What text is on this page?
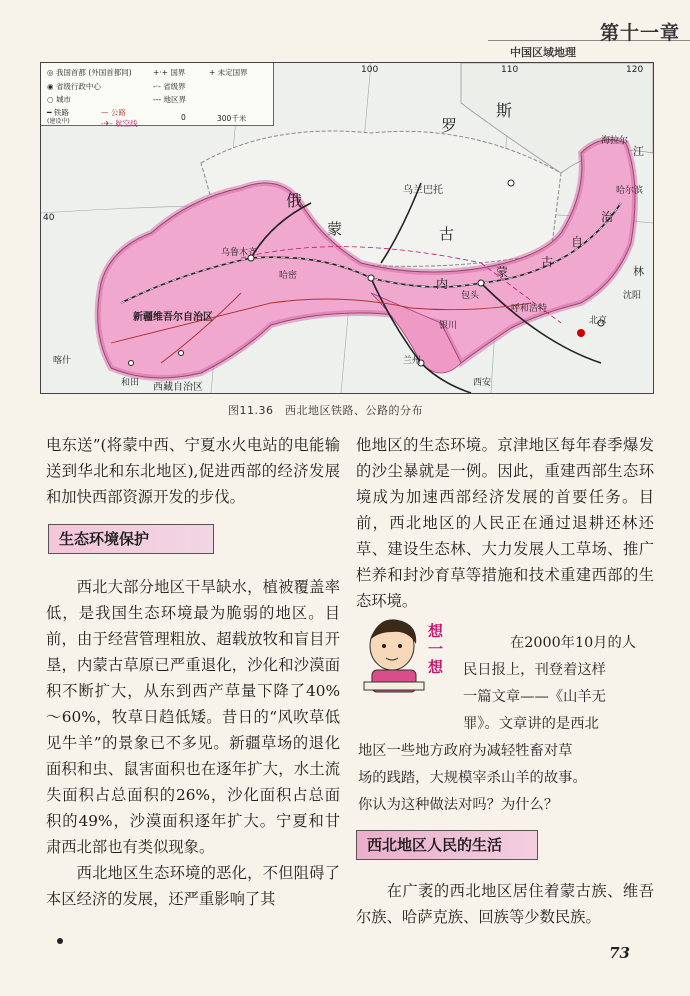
第十一章
中国区域地理
◎ 我国首都 (外国首都同)
◉ 省级行政中心
○ 城市
━ 铁路
(建设中)
+·+ 国界	+ 未定国界
-·- 省级界
--- 地区界
— 公路
-✈- 航空线
0	300千米
俄
罗
斯
蒙	古
乌兰巴托
新疆维吾尔自治区
乌鲁木齐
内
蒙
古
自
治
西藏自治区
银川
西安
兰州
呼和浩特
北京
哈尔滨
海拉尔
包头
哈密
喀什
和田
江
林
沈阳
100	110	120
40
图11.36　西北地区铁路、公路的分布

电东送”(将蒙中西、宁夏水火电站的电能输送到华北和东北地区),促进西部的经济发展和加快西部资源开发的步伐。

生态环境保护

西北大部分地区干旱缺水，植被覆盖率低，是我国生态环境最为脆弱的地区。目前，由于经营管理粗放、超载放牧和盲目开垦，内蒙古草原已严重退化，沙化和沙漠面积不断扩大，从东到西产草量下降了40%～60%，牧草日趋低矮。昔日的“风吹草低见牛羊”的景象已不多见。新疆草场的退化面积和虫、鼠害面积也在逐年扩大，水土流失面积占总面积的26%，沙化面积占总面积的49%，沙漠面积逐年扩大。宁夏和甘肃西北部也有类似现象。

西北地区生态环境的恶化，不但阻碍了本区经济的发展，还严重影响了其

他地区的生态环境。京津地区每年春季爆发的沙尘暴就是一例。因此，重建西部生态环境成为加速西部经济发展的首要任务。目前，西北地区的人民正在通过退耕还林还草、建设生态林、大力发展人工草场、推广栏养和封沙育草等措施和技术重建西部的生态环境。

想一想
在2000年10月的人
民日报上，刊登着这样
一篇文章——《山羊无
罪》。文章讲的是西北
地区一些地方政府为减轻牲畜对草
场的践踏，大规模宰杀山羊的故事。
你认为这种做法对吗？为什么？
西北地区人民的生活

在广袤的西北地区居住着蒙古族、维吾尔族、哈萨克族、回族等少数民族。

73
